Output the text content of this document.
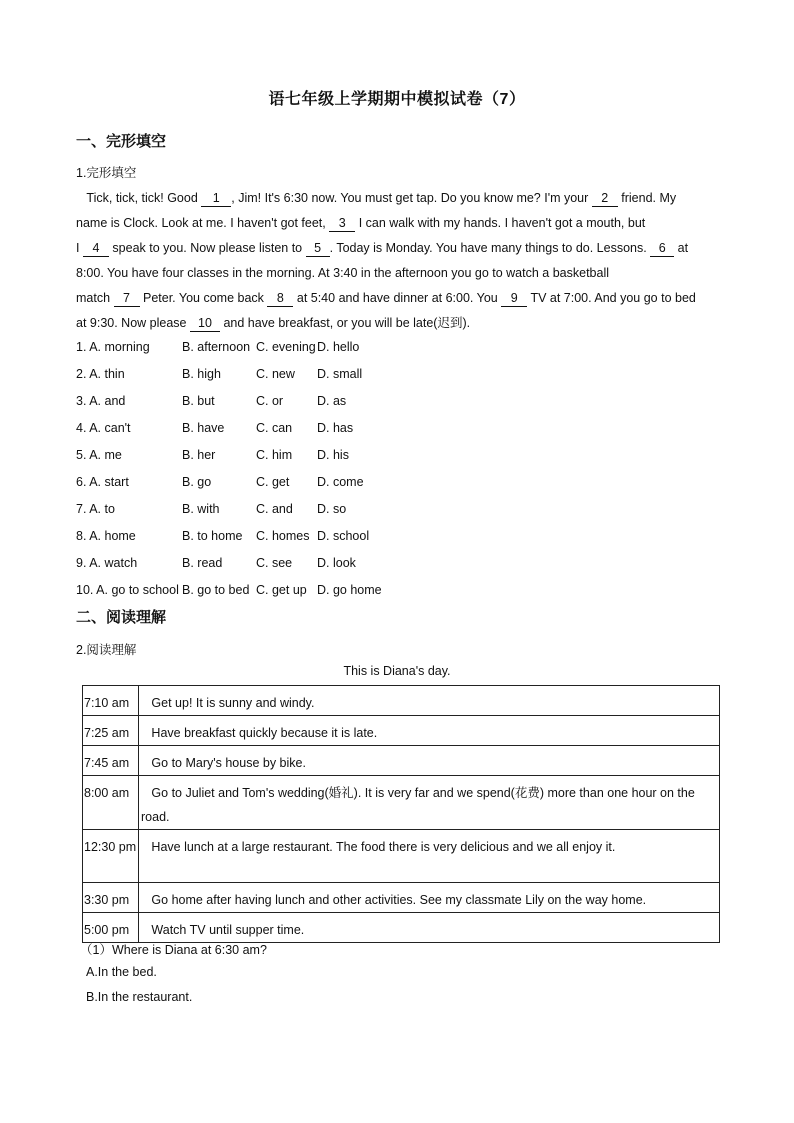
语七年级上学期期中模拟试卷（7）
一、完形填空
1.完形填空
Tick, tick, tick! Good 1 , Jim! It's 6:30 now. You must get tap. Do you know me? I'm your 2 friend. My
name is Clock. Look at me. I haven't got feet, 3 I can walk with my hands. I haven't got a mouth, but
I 4 speak to you. Now please listen to 5 . Today is Monday. You have many things to do. Lessons. 6 at
8:00. You have four classes in the morning. At 3:40 in the afternoon you go to watch a basketball
match 7 Peter. You come back 8 at 5:40 and have dinner at 6:00. You 9 TV at 7:00. And you go to bed
at 9:30. Now please 10 and have breakfast, or you will be late(迟到).
1. A. morning	B. afternoon C. evening D. hello
2. A. thin	B. high	C. new D. small
3. A. and	B. but	C. or	D. as
4. A. can't	B. have	C. can D. has
5. A. me	B. her	C. him D. his
6. A. start	B. go	C. get D. come
7. A. to	B. with	C. and D. so
8. A. home	B. to home C. homes D. school
9. A. watch	B. read	C. see D. look
10. A. go to school B. go to bed C. get up D. go home
二、阅读理解
2.阅读理解
This is Diana's day.
7:10 am	Get up! It is sunny and windy.
7:25 am	Have breakfast quickly because it is late.
7:45 am	Go to Mary's house by bike.
8:00 am	Go to Juliet and Tom's wedding(婚礼). It is very far and we spend(花费) more than one hour on the road.
12:30 pm	Have lunch at a large restaurant. The food there is very delicious and we all enjoy it.
3:30 pm	Go home after having lunch and other activities. See my classmate Lily on the way home.
5:00 pm	Watch TV until supper time.
（1）Where is Diana at 6:30 am?
A.In the bed.
B.In the restaurant.
